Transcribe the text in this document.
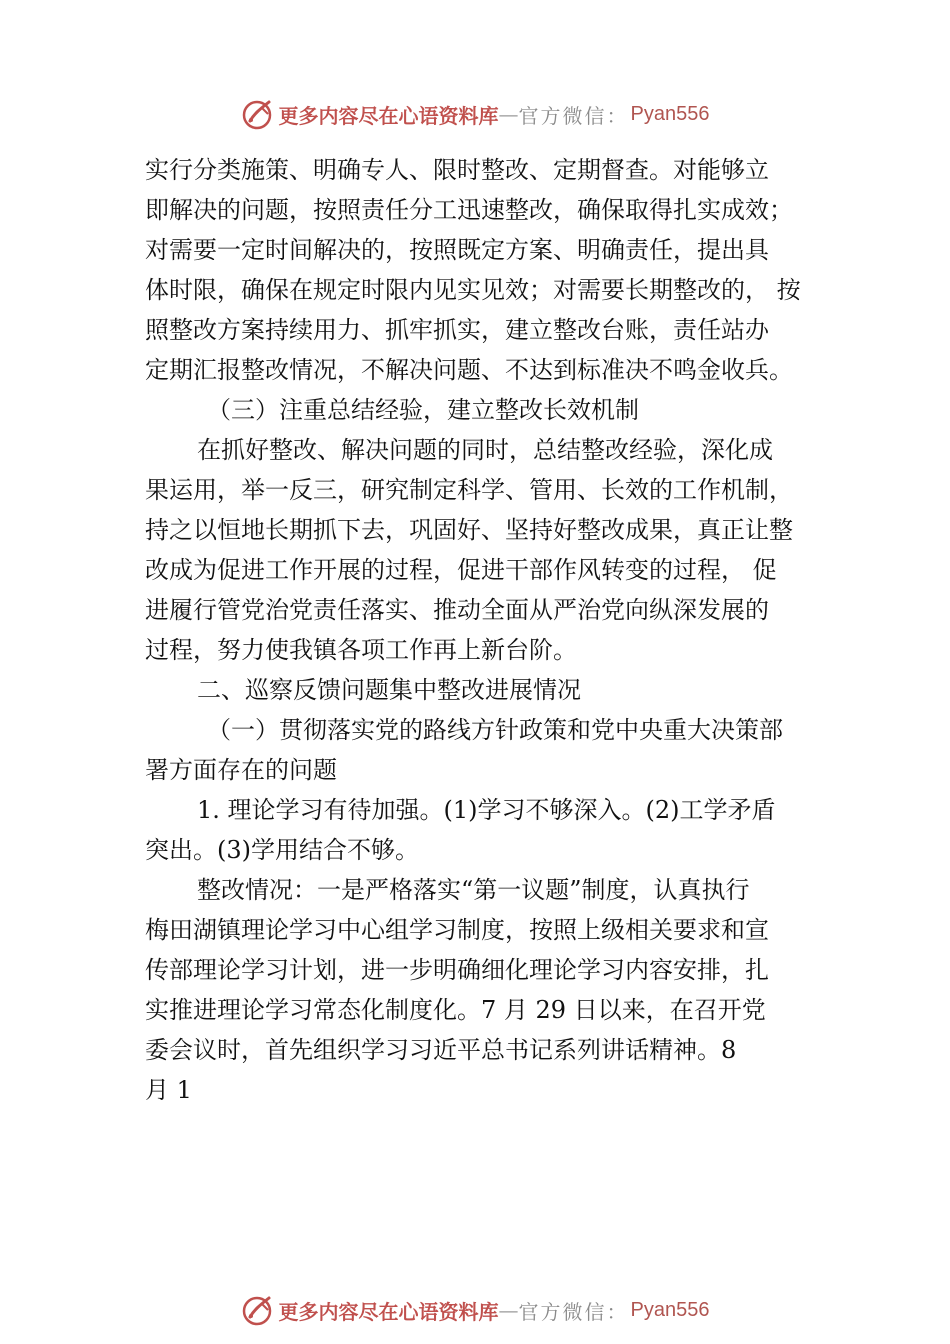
更多内容尽在心语资料库 — 官方微信： Pyan556
实行分类施策、明确专人、限时整改、定期督查。对能够立
即解决的问题，按照责任分工迅速整改，确保取得扎实成效；
对需要一定时间解决的，按照既定方案、明确责任，提出具
体时限，确保在规定时限内见实见效；对需要长期整改的， 按
照整改方案持续用力、抓牢抓实，建立整改台账，责任站办
定期汇报整改情况，不解决问题、不达到标准决不鸣金收兵。
（三）注重总结经验，建立整改长效机制
在抓好整改、解决问题的同时，总结整改经验，深化成
果运用，举一反三，研究制定科学、管用、长效的工作机制，
持之以恒地长期抓下去，巩固好、坚持好整改成果，真正让整
改成为促进工作开展的过程，促进干部作风转变的过程， 促
进履行管党治党责任落实、推动全面从严治党向纵深发展的
过程，努力使我镇各项工作再上新台阶。
二、巡察反馈问题集中整改进展情况
（一）贯彻落实党的路线方针政策和党中央重大决策部
署方面存在的问题
1. 理论学习有待加强。(1)学习不够深入。(2)工学矛盾
突出。(3)学用结合不够。
整改情况：一是严格落实“第一议题”制度，认真执行
梅田湖镇理论学习中心组学习制度，按照上级相关要求和宣
传部理论学习计划，进一步明确细化理论学习内容安排，扎
实推进理论学习常态化制度化。7 月 29 日以来，在召开党
委会议时，首先组织学习习近平总书记系列讲话精神。8
月 1
更多内容尽在心语资料库 — 官方微信： Pyan556
